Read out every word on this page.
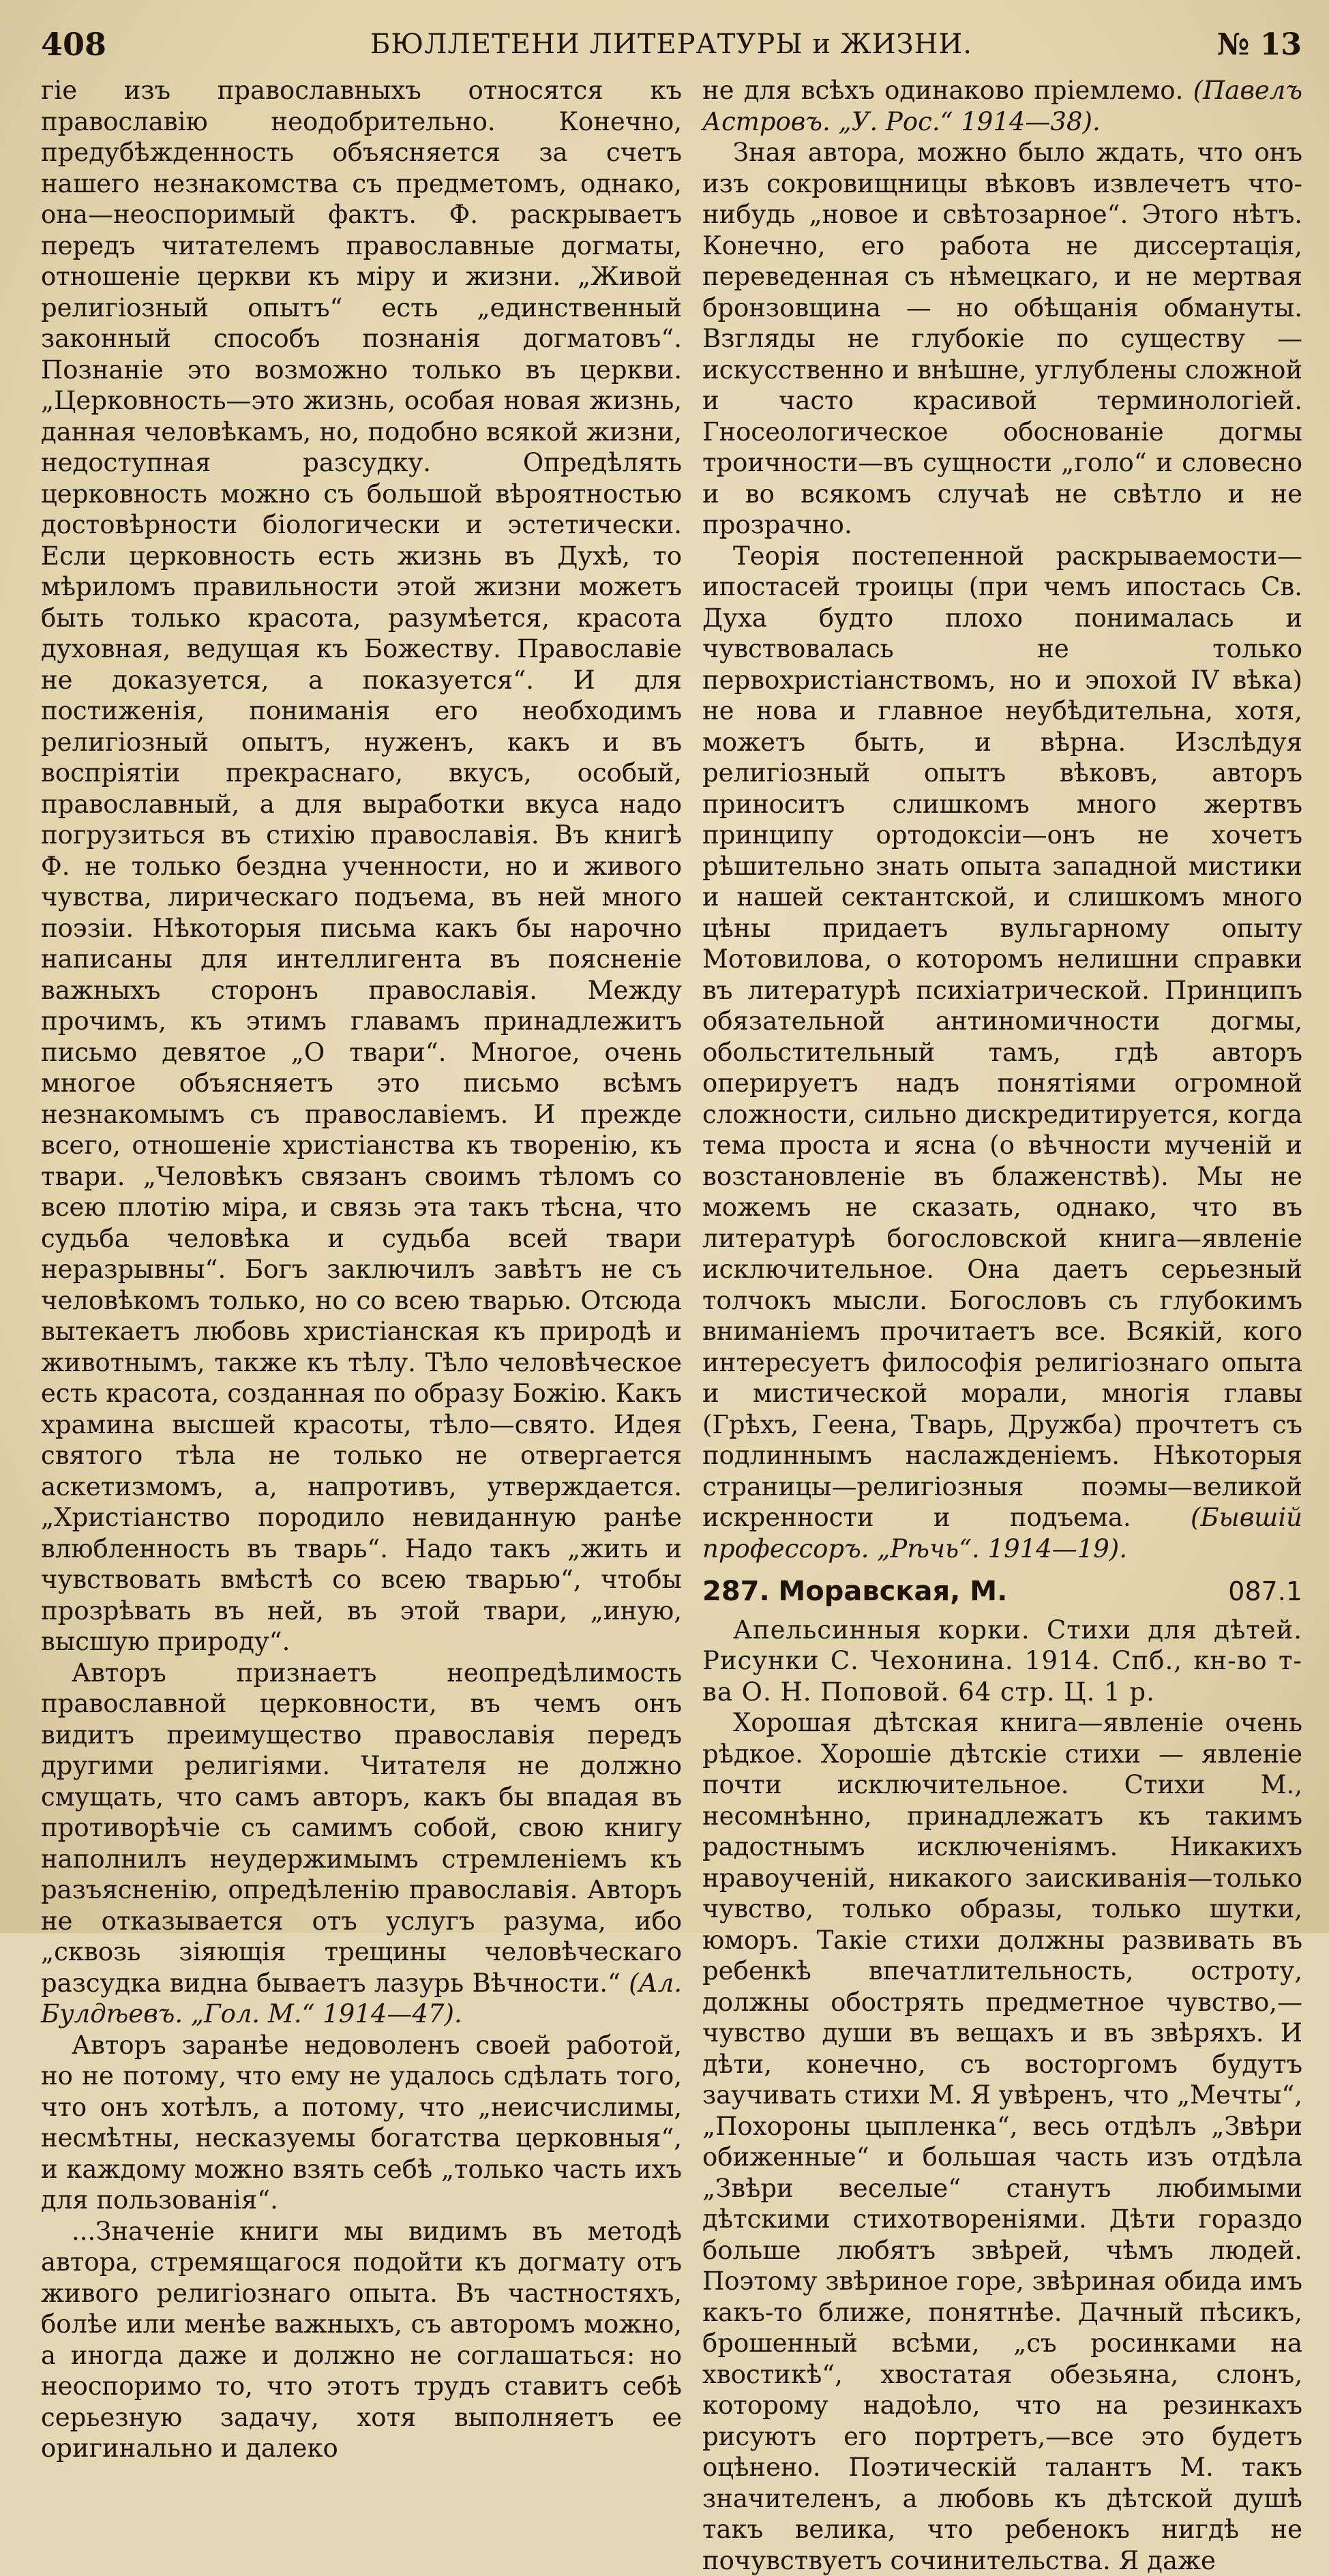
408	БЮЛЛЕТЕНИ ЛИТЕРАТУРЫ и ЖИЗНИ.	№ 13

гіе изъ православныхъ относятся къ православію неодобрительно. Конечно, предубѣжденность объясняется за счетъ нашего незнакомства съ предметомъ, однако, она—неоспоримый фактъ. Ф. раскрываетъ передъ читателемъ православные догматы, отношеніе церкви къ міру и жизни. „Живой религіозный опытъ“ есть „единственный законный способъ познанія догматовъ“. Познаніе это возможно только въ церкви. „Церковность—это жизнь, особая новая жизнь, данная человѣкамъ, но, подобно всякой жизни, недоступная разсудку. Опредѣлять церковность можно съ большой вѣроятностью достовѣрности біологически и эстетически. Если церковность есть жизнь въ Духѣ, то мѣриломъ правильности этой жизни можетъ быть только красота, разумѣется, красота духовная, ведущая къ Божеству. Православіе не доказуется, а показуется“. И для постиженія, пониманія его необходимъ религіозный опытъ, нуженъ, какъ и въ воспріятіи прекраснаго, вкусъ, особый, православный, а для выработки вкуса надо погрузиться въ стихію православія. Въ книгѣ Ф. не только бездна ученности, но и живого чувства, лирическаго подъема, въ ней много поэзіи. Нѣкоторыя письма какъ бы нарочно написаны для интеллигента въ поясненіе важныхъ сторонъ православія. Между прочимъ, къ этимъ главамъ принадлежитъ письмо девятое „О твари“. Многое, очень многое объясняетъ это письмо всѣмъ незнакомымъ съ православіемъ. И прежде всего, отношеніе христіанства къ творенію, къ твари. „Человѣкъ связанъ своимъ тѣломъ со всею плотію міра, и связь эта такъ тѣсна, что судьба человѣка и судьба всей твари неразрывны“. Богъ заключилъ завѣтъ не съ человѣкомъ только, но со всею тварью. Отсюда вытекаетъ любовь христіанская къ природѣ и животнымъ, также къ тѣлу. Тѣло человѣческое есть красота, созданная по образу Божію. Какъ храмина высшей красоты, тѣло—свято. Идея святого тѣла не только не отвергается аскетизмомъ, а, напротивъ, утверждается. „Христіанство породило невиданную ранѣе влюбленность въ тварь“. Надо такъ „жить и чувствовать вмѣстѣ со всею тварью“, чтобы прозрѣвать въ ней, въ этой твари, „иную, высшую природу“.

Авторъ признаетъ неопредѣлимость православной церковности, въ чемъ онъ видитъ преимущество православія передъ другими религіями. Читателя не должно смущать, что самъ авторъ, какъ бы впадая въ противорѣчіе съ самимъ собой, свою книгу наполнилъ неудержимымъ стремленіемъ къ разъясненію, опредѣленію православія. Авторъ не отказывается отъ услугъ разума, ибо „сквозь зіяющія трещины человѣческаго разсудка видна бываетъ лазурь Вѣчности.“ (Ал. Булдѣевъ. „Гол. М.“ 1914—47).

Авторъ заранѣе недоволенъ своей работой, но не потому, что ему не удалось сдѣлать того, что онъ хотѣлъ, а потому, что „неисчислимы, несмѣтны, несказуемы богатства церковныя“, и каждому можно взять себѣ „только часть ихъ для пользованія“.

...Значеніе книги мы видимъ въ методѣ автора, стремящагося подойти къ догмату отъ живого религіознаго опыта. Въ частностяхъ, болѣе или менѣе важныхъ, съ авторомъ можно, а иногда даже и должно не соглашаться: но неоспоримо то, что этотъ трудъ ставитъ себѣ серьезную задачу, хотя выполняетъ ее оригинально и далеко

не для всѣхъ одинаково пріемлемо. (Павелъ Астровъ. „У. Рос.“ 1914—38).

Зная автора, можно было ждать, что онъ изъ сокровищницы вѣковъ извлечетъ что-нибудь „новое и свѣтозарное“. Этого нѣтъ. Конечно, его работа не диссертація, переведенная съ нѣмецкаго, и не мертвая бронзовщина — но обѣщанія обмануты. Взгляды не глубокіе по существу — искусственно и внѣшне, углублены сложной и часто красивой терминологіей. Гносеологическое обоснованіе догмы троичности—въ сущности „голо“ и словесно и во всякомъ случаѣ не свѣтло и не прозрачно.

Теорія постепенной раскрываемости—ипостасей троицы (при чемъ ипостась Св. Духа будто плохо понималась и чувствовалась не только первохристіанствомъ, но и эпохой IV вѣка) не нова и главное неубѣдительна, хотя, можетъ быть, и вѣрна. Изслѣдуя религіозный опытъ вѣковъ, авторъ приноситъ слишкомъ много жертвъ принципу ортодоксіи—онъ не хочетъ рѣшительно знать опыта западной мистики и нашей сектантской, и слишкомъ много цѣны придаетъ вульгарному опыту Мотовилова, о которомъ нелишни справки въ литературѣ психіатрической. Принципъ обязательной антиномичности догмы, обольстительный тамъ, гдѣ авторъ оперируетъ надъ понятіями огромной сложности, сильно дискредитируется, когда тема проста и ясна (о вѣчности мученій и возстановленіе въ блаженствѣ). Мы не можемъ не сказать, однако, что въ литературѣ богословской книга—явленіе исключительное. Она даетъ серьезный толчокъ мысли. Богословъ съ глубокимъ вниманіемъ прочитаетъ все. Всякій, кого интересуетъ философія религіознаго опыта и мистической морали, многія главы (Грѣхъ, Геена, Тварь, Дружба) прочтетъ съ подлиннымъ наслажденіемъ. Нѣкоторыя страницы—религіозныя поэмы—великой искренности и подъема. (Бывшій профессоръ. „Рѣчь“. 1914—19).

287. Моравская, М.	087.1

Апельсинныя корки. Стихи для дѣтей. Рисунки С. Чехонина. 1914. Спб., кн-во т-ва О. Н. Поповой. 64 стр. Ц. 1 р.

Хорошая дѣтская книга—явленіе очень рѣдкое. Хорошіе дѣтскіе стихи — явленіе почти исключительное. Стихи М., несомнѣнно, принадлежатъ къ такимъ радостнымъ исключеніямъ. Никакихъ нравоученій, никакого заискиванія—только чувство, только образы, только шутки, юморъ. Такіе стихи должны развивать въ ребенкѣ впечатлительность, остроту, должны обострять предметное чувство,—чувство души въ вещахъ и въ звѣряхъ. И дѣти, конечно, съ восторгомъ будутъ заучивать стихи М. Я увѣренъ, что „Мечты“, „Похороны цыпленка“, весь отдѣлъ „Звѣри обиженные“ и большая часть изъ отдѣла „Звѣри веселые“ станутъ любимыми дѣтскими стихотвореніями. Дѣти гораздо больше любятъ звѣрей, чѣмъ людей. Поэтому звѣриное горе, звѣриная обида имъ какъ-то ближе, понятнѣе. Дачный пѣсикъ, брошенный всѣми, „съ росинками на хвостикѣ“, хвостатая обезьяна, слонъ, которому надоѣло, что на резинкахъ рисуютъ его портретъ,—все это будетъ оцѣнено. Поэтическій талантъ М. такъ значителенъ, а любовь къ дѣтской душѣ такъ велика, что ребенокъ нигдѣ не почувствуетъ сочинительства. Я даже
